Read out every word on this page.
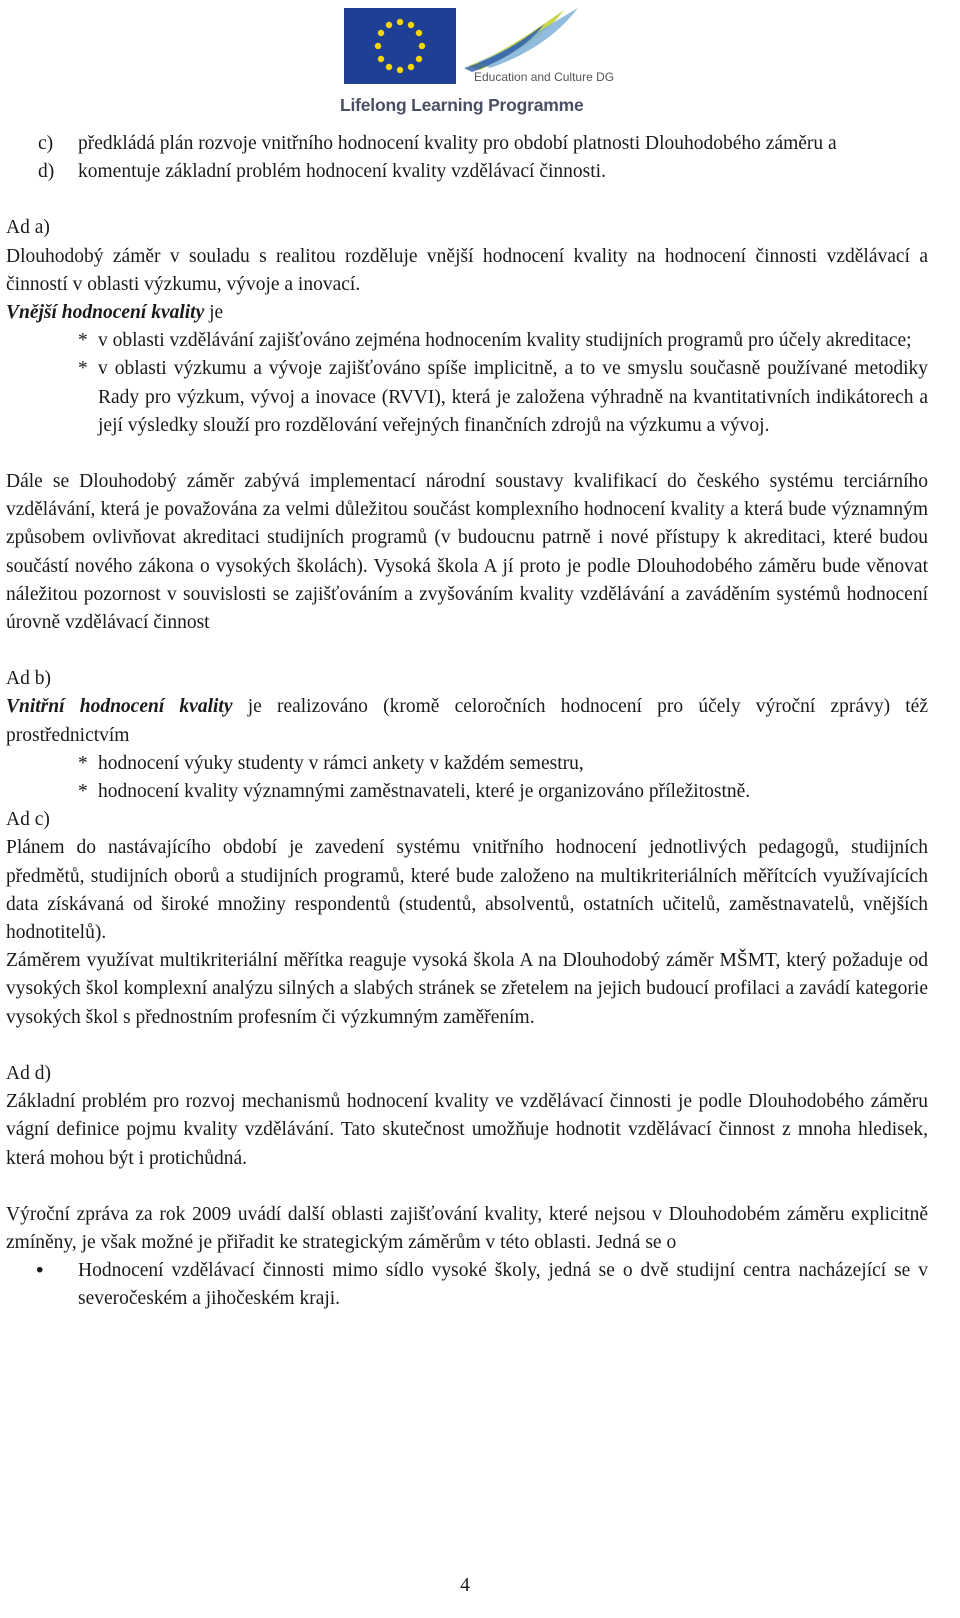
Education and Culture DG
Lifelong Learning Programme
c) předkládá plán rozvoje vnitřního hodnocení kvality pro období platnosti Dlouhodobého záměru a
d) komentuje základní problém hodnocení kvality vzdělávací činnosti.

Ad a)

Dlouhodobý záměr v souladu s realitou rozděluje vnější hodnocení kvality na hodnocení činnosti vzdělávací a činností v oblasti výzkumu, vývoje a inovací.

Vnější hodnocení kvality je

* v oblasti vzdělávání zajišťováno zejména hodnocením kvality studijních programů pro účely akreditace;
* v oblasti výzkumu a vývoje zajišťováno spíše implicitně, a to ve smyslu současně používané metodiky Rady pro výzkum, vývoj a inovace (RVVI), která je založena výhradně na kvantitativních indikátorech a její výsledky slouží pro rozdělování veřejných finančních zdrojů na výzkumu a vývoj.

Dále se Dlouhodobý záměr zabývá implementací národní soustavy kvalifikací do českého systému terciárního vzdělávání, která je považována za velmi důležitou součást komplexního hodnocení kvality a která bude významným způsobem ovlivňovat akreditaci studijních programů (v budoucnu patrně i nové přístupy k akreditaci, které budou součástí nového zákona o vysokých školách). Vysoká škola A jí proto je podle Dlouhodobého záměru bude věnovat náležitou pozornost v souvislosti se zajišťováním a zvyšováním kvality vzdělávání a zaváděním systémů hodnocení úrovně vzdělávací činnost

Ad b)

Vnitřní hodnocení kvality je realizováno (kromě celoročních hodnocení pro účely výroční zprávy) též prostřednictvím

* hodnocení výuky studenty v rámci ankety v každém semestru,
* hodnocení kvality významnými zaměstnavateli, které je organizováno příležitostně.

Ad c)

Plánem do nastávajícího období je zavedení systému vnitřního hodnocení jednotlivých pedagogů, studijních předmětů, studijních oborů a studijních programů, které bude založeno na multikriteriálních měřítcích využívajících data získávaná od široké množiny respondentů (studentů, absolventů, ostatních učitelů, zaměstnavatelů, vnějších hodnotitelů).

Záměrem využívat multikriteriální měřítka reaguje vysoká škola A na Dlouhodobý záměr MŠMT, který požaduje od vysokých škol komplexní analýzu silných a slabých stránek se zřetelem na jejich budoucí profilaci a zavádí kategorie vysokých škol s přednostním profesním či výzkumným zaměřením.

Ad d)

Základní problém pro rozvoj mechanismů hodnocení kvality ve vzdělávací činnosti je podle Dlouhodobého záměru vágní definice pojmu kvality vzdělávání. Tato skutečnost umožňuje hodnotit vzdělávací činnost z mnoha hledisek, která mohou být i protichůdná.

Výroční zpráva za rok 2009 uvádí další oblasti zajišťování kvality, které nejsou v Dlouhodobém záměru explicitně zmíněny, je však možné je přiřadit ke strategickým záměrům v této oblasti. Jedná se o

• Hodnocení vzdělávací činnosti mimo sídlo vysoké školy, jedná se o dvě studijní centra nacházející se v severočeském a jihočeském kraji.
4
